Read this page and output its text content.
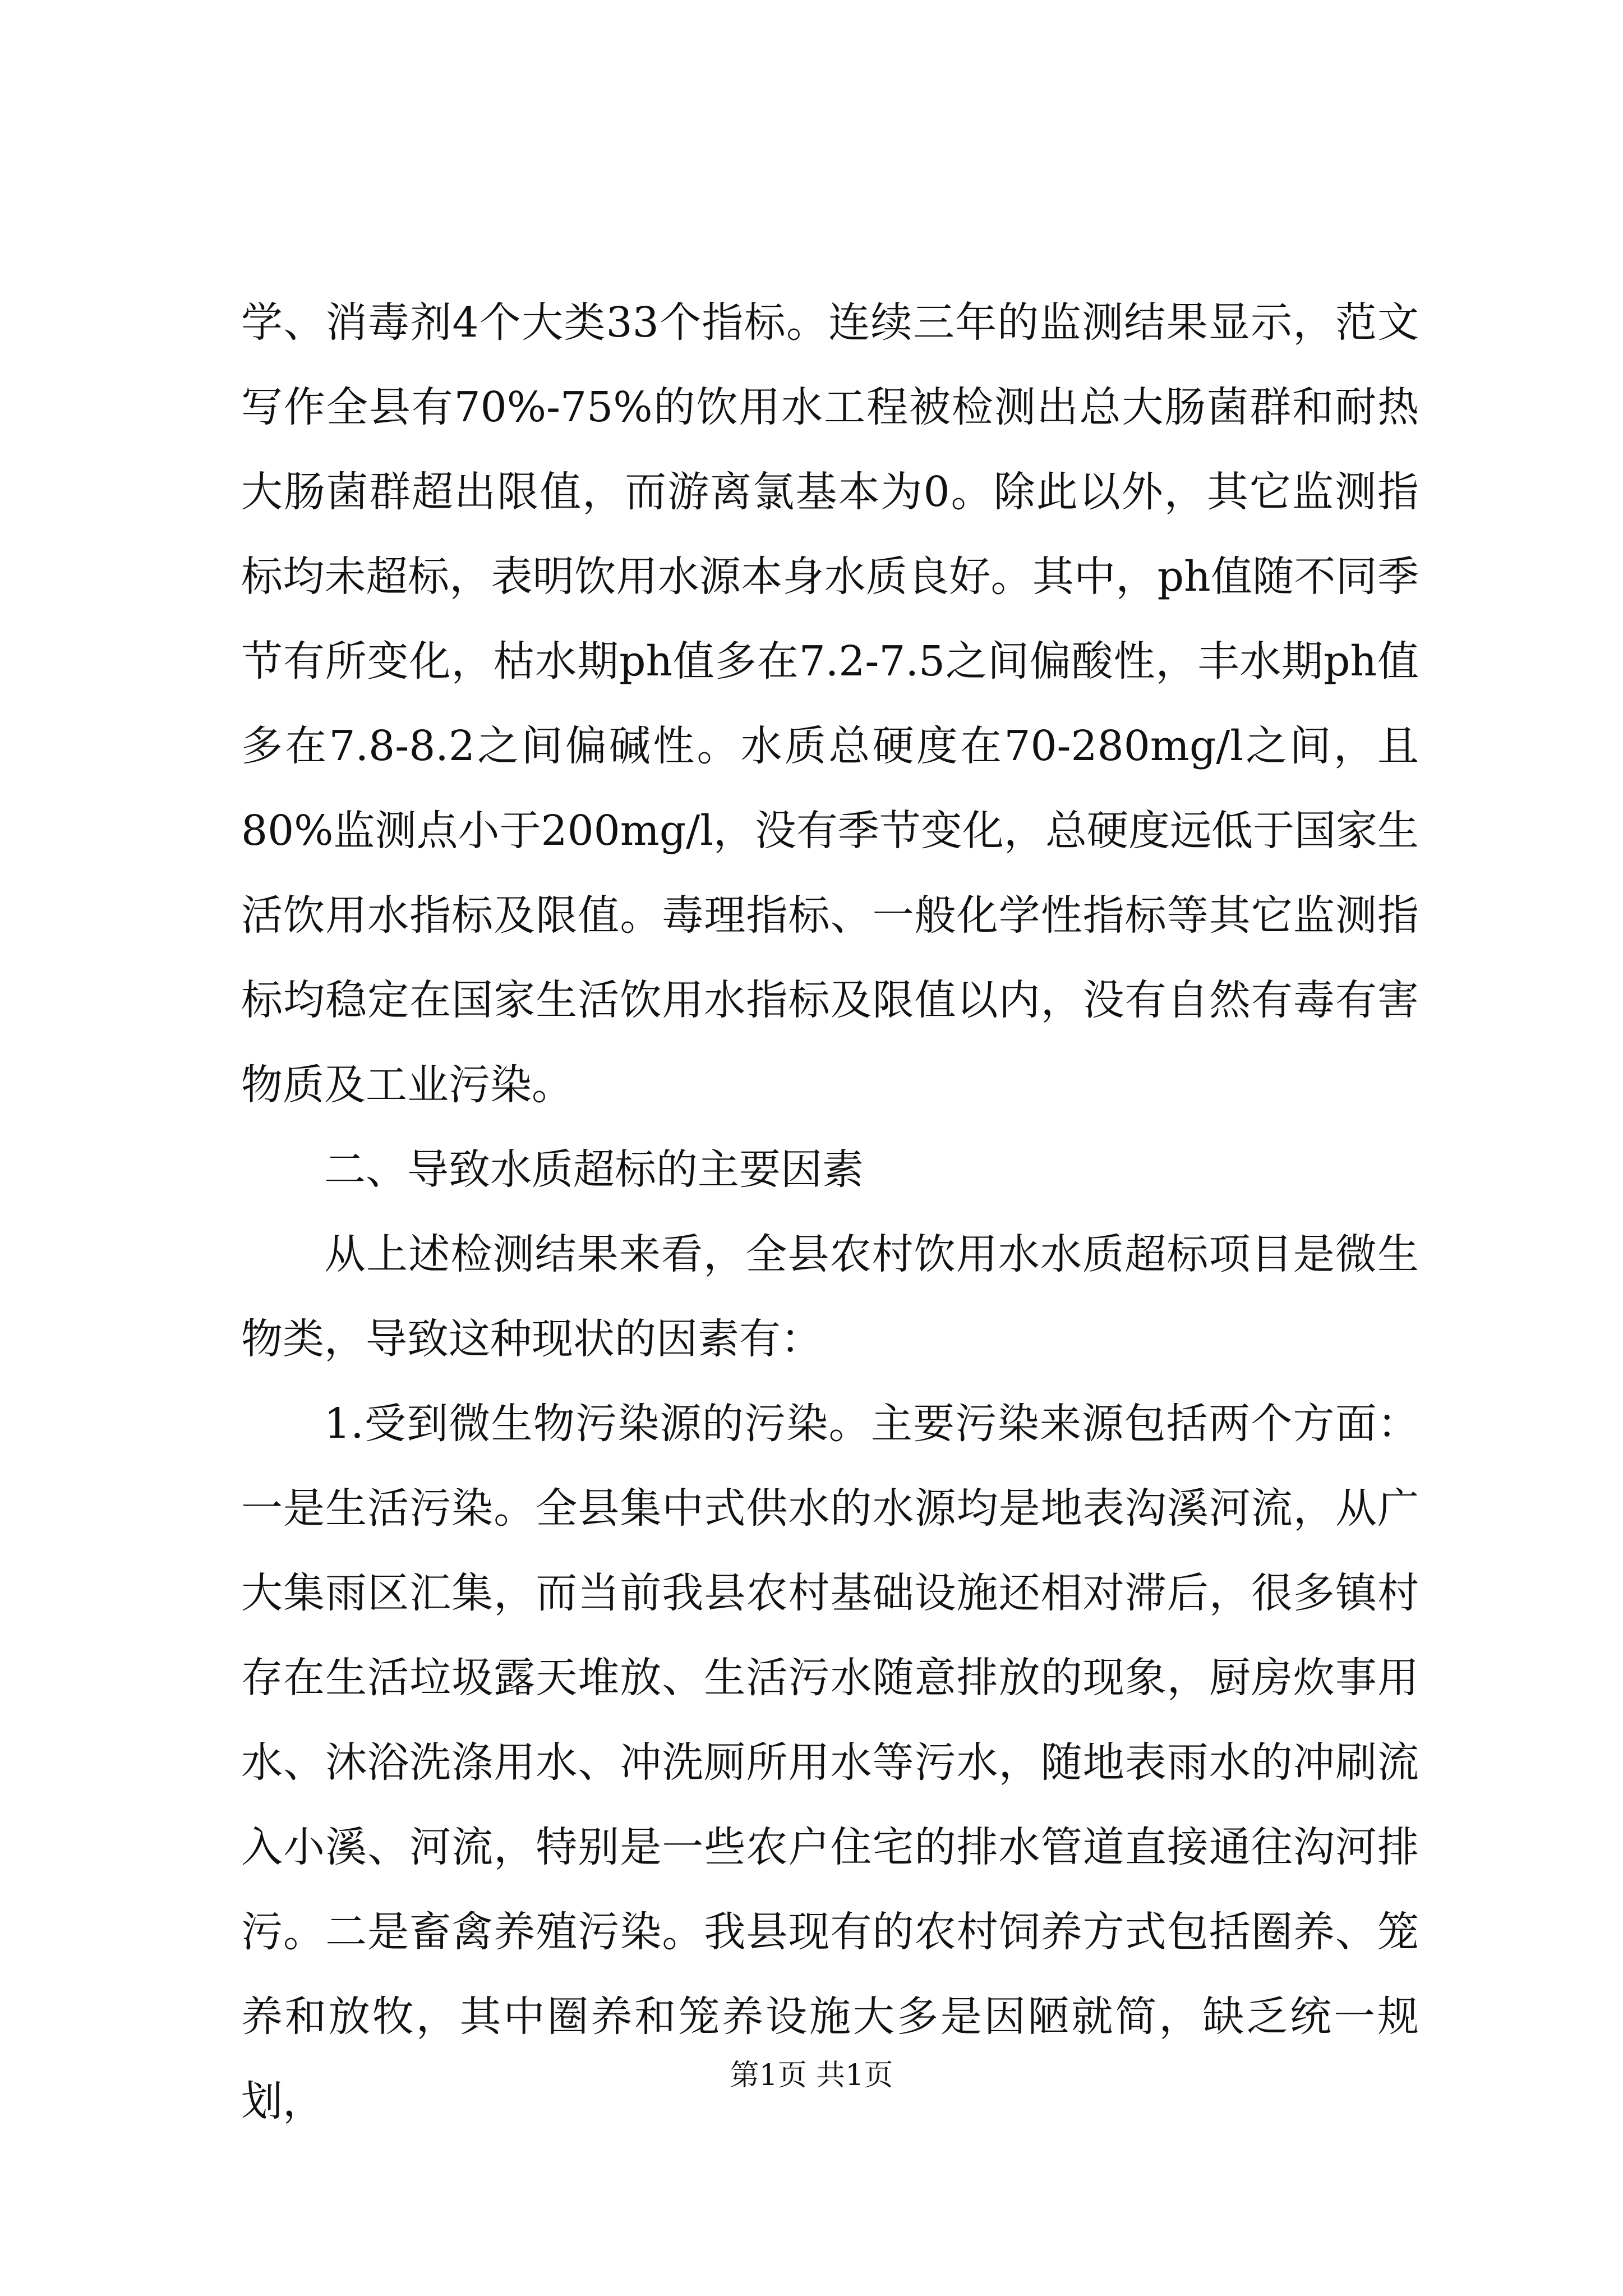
学、消毒剂4个大类33个指标。连续三年的监测结果显示，范文写作全县有70%-75%的饮用水工程被检测出总大肠菌群和耐热大肠菌群超出限值，而游离氯基本为0。除此以外，其它监测指标均未超标，表明饮用水源本身水质良好。其中，ph值随不同季节有所变化，枯水期ph值多在7.2-7.5之间偏酸性，丰水期ph值多在7.8-8.2之间偏碱性。水质总硬度在70-280mg/l之间，且80%监测点小于200mg/l，没有季节变化，总硬度远低于国家生活饮用水指标及限值。毒理指标、一般化学性指标等其它监测指标均稳定在国家生活饮用水指标及限值以内，没有自然有毒有害物质及工业污染。

二、导致水质超标的主要因素

从上述检测结果来看，全县农村饮用水水质超标项目是微生物类，导致这种现状的因素有：

1.受到微生物污染源的污染。主要污染来源包括两个方面：一是生活污染。全县集中式供水的水源均是地表沟溪河流，从广大集雨区汇集，而当前我县农村基础设施还相对滞后，很多镇村存在生活垃圾露天堆放、生活污水随意排放的现象，厨房炊事用水、沐浴洗涤用水、冲洗厕所用水等污水，随地表雨水的冲刷流入小溪、河流，特别是一些农户住宅的排水管道直接通往沟河排污。二是畜禽养殖污染。我县现有的农村饲养方式包括圈养、笼养和放牧，其中圈养和笼养设施大多是因陋就简，缺乏统一规划，

第1页 共1页
